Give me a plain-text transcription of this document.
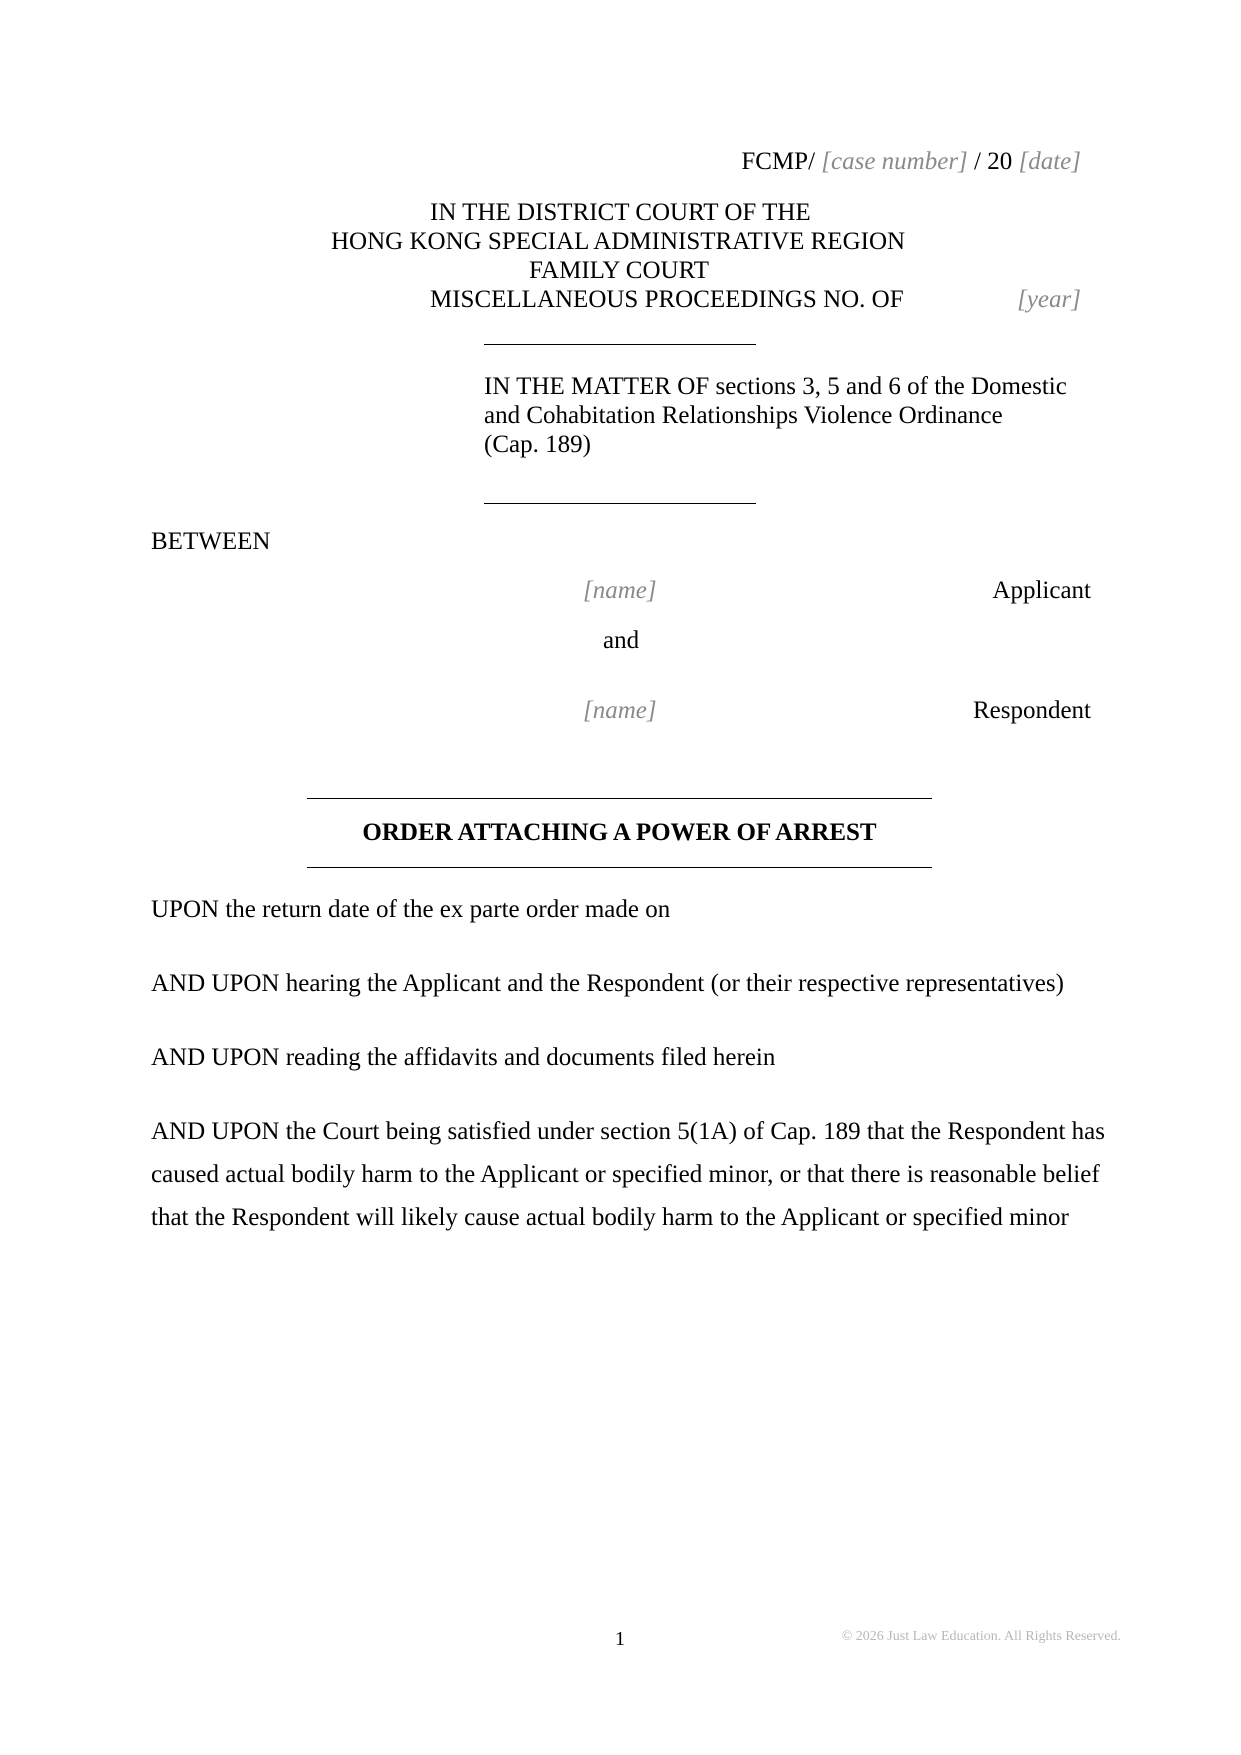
FCMP/ [case number] / 20 [date]
IN THE DISTRICT COURT OF THE
HONG KONG SPECIAL ADMINISTRATIVE REGION
FAMILY COURT
MISCELLANEOUS PROCEEDINGS NO. OF	[year]
IN THE MATTER OF sections 3, 5 and 6 of the Domestic
and Cohabitation Relationships Violence Ordinance
(Cap. 189)
BETWEEN
[name]	Applicant
and
[name]	Respondent
ORDER ATTACHING A POWER OF ARREST
UPON the return date of the ex parte order made on
AND UPON hearing the Applicant and the Respondent (or their respective representatives)
AND UPON reading the affidavits and documents filed herein
AND UPON the Court being satisfied under section 5(1A) of Cap. 189 that the Respondent has
caused actual bodily harm to the Applicant or specified minor, or that there is reasonable belief
that the Respondent will likely cause actual bodily harm to the Applicant or specified minor
1	© 2026 Just Law Education. All Rights Reserved.
